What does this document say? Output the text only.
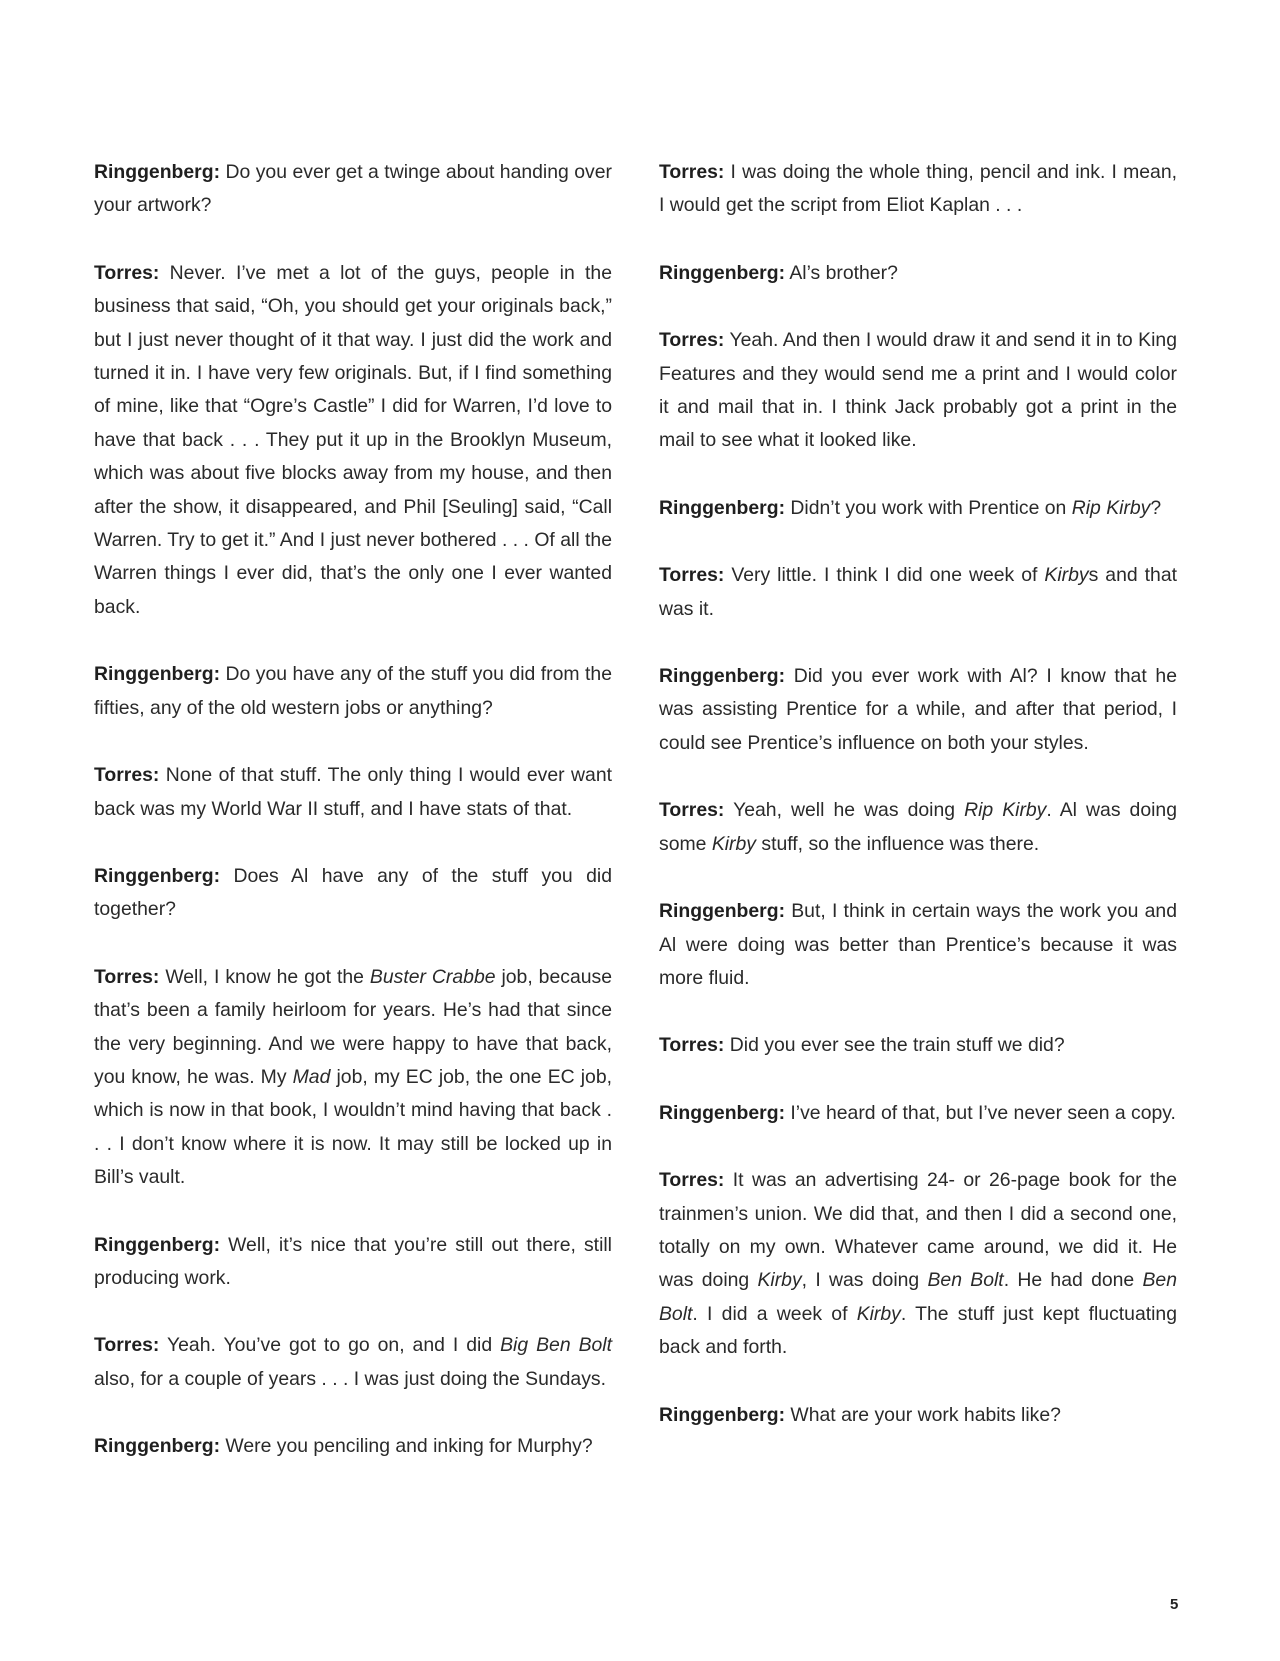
Ringgenberg: Do you ever get a twinge about handing over your artwork?

Torres: Never. I’ve met a lot of the guys, people in the business that said, “Oh, you should get your originals back,” but I just never thought of it that way. I just did the work and turned it in. I have very few originals. But, if I find something of mine, like that “Ogre’s Castle” I did for Warren, I’d love to have that back . . . They put it up in the Brooklyn Museum, which was about five blocks away from my house, and then after the show, it disappeared, and Phil [Seuling] said, “Call Warren. Try to get it.” And I just never bothered . . . Of all the Warren things I ever did, that’s the only one I ever wanted back.

Ringgenberg: Do you have any of the stuff you did from the fifties, any of the old western jobs or anything?

Torres: None of that stuff. The only thing I would ever want back was my World War II stuff, and I have stats of that.

Ringgenberg: Does Al have any of the stuff you did together?

Torres: Well, I know he got the Buster Crabbe job, because that’s been a family heirloom for years. He’s had that since the very beginning. And we were happy to have that back, you know, he was. My Mad job, my EC job, the one EC job, which is now in that book, I wouldn’t mind having that back . . . I don’t know where it is now. It may still be locked up in Bill’s vault.

Ringgenberg: Well, it’s nice that you’re still out there, still producing work.

Torres: Yeah. You’ve got to go on, and I did Big Ben Bolt also, for a couple of years . . . I was just doing the Sundays.

Ringgenberg: Were you penciling and inking for Murphy?

Torres: I was doing the whole thing, pencil and ink. I mean, I would get the script from Eliot Kaplan . . .

Ringgenberg: Al’s brother?

Torres: Yeah. And then I would draw it and send it in to King Features and they would send me a print and I would color it and mail that in. I think Jack probably got a print in the mail to see what it looked like.

Ringgenberg: Didn’t you work with Prentice on Rip Kirby?

Torres: Very little. I think I did one week of Kirbys and that was it.

Ringgenberg: Did you ever work with Al? I know that he was assisting Prentice for a while, and after that period, I could see Prentice’s influence on both your styles.

Torres: Yeah, well he was doing Rip Kirby. Al was doing some Kirby stuff, so the influence was there.

Ringgenberg: But, I think in certain ways the work you and Al were doing was better than Prentice’s because it was more fluid.

Torres: Did you ever see the train stuff we did?

Ringgenberg: I’ve heard of that, but I’ve never seen a copy.

Torres: It was an advertising 24- or 26-page book for the trainmen’s union. We did that, and then I did a second one, totally on my own. Whatever came around, we did it. He was doing Kirby, I was doing Ben Bolt. He had done Ben Bolt. I did a week of Kirby. The stuff just kept fluctuating back and forth.

Ringgenberg: What are your work habits like?

5
